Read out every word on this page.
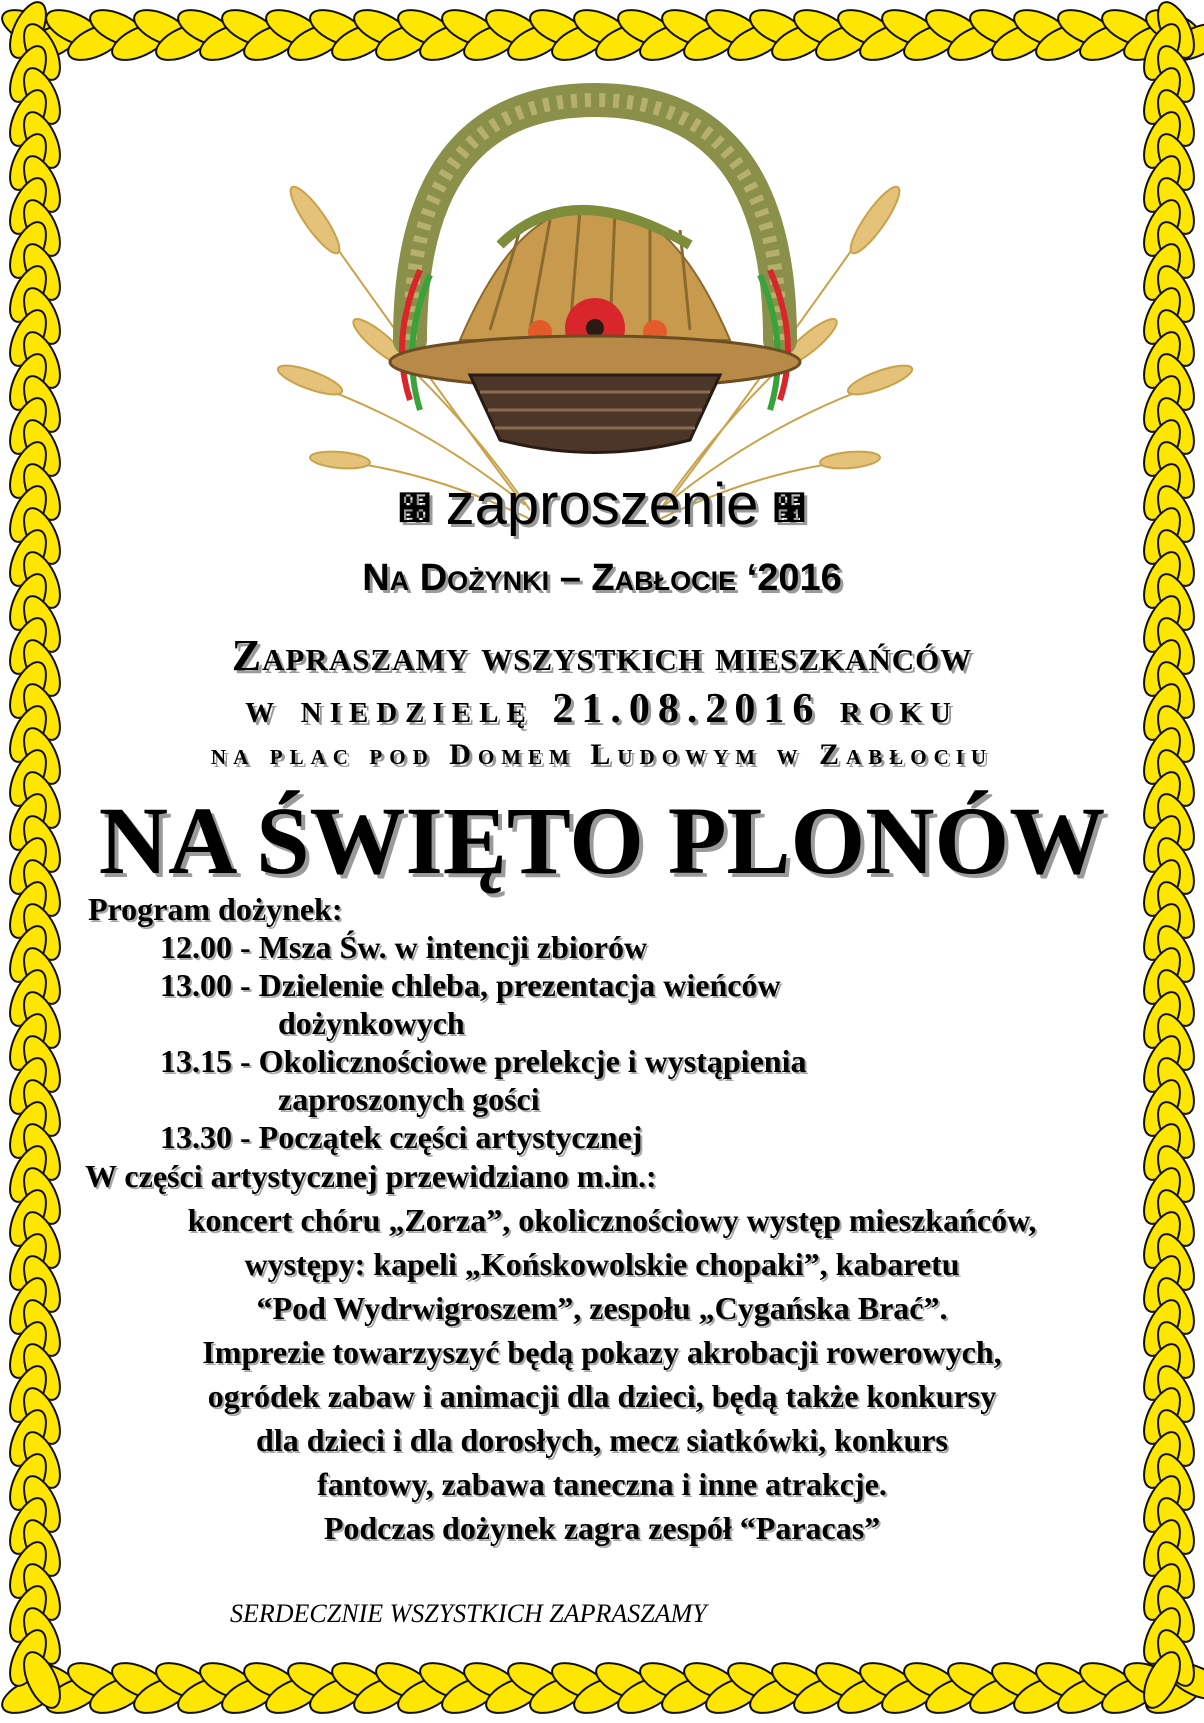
໠ zaproszenie ໡
Na Dożynki – Zabłocie ‘2016
Zapraszamy wszystkich mieszkańców
w niedzielę 21.08.2016 roku
na plac pod Domem Ludowym w Zabłociu
NA ŚWIĘTO PLONÓW
Program dożynek:
12.00 - Msza Św. w intencji zbiorów
13.00 - Dzielenie chleba, prezentacja wieńców
dożynkowych
13.15 - Okolicznościowe prelekcje i wystąpienia
zaproszonych gości
13.30 - Początek części artystycznej
W części artystycznej przewidziano m.in.:
koncert chóru „Zorza”, okolicznościowy występ mieszkańców,
występy: kapeli „Końskowolskie chopaki”, kabaretu
“Pod Wydrwigroszem”, zespołu „Cygańska Brać”.
Imprezie towarzyszyć będą pokazy akrobacji rowerowych,
ogródek zabaw i animacji dla dzieci, będą także konkursy
dla dzieci i dla dorosłych, mecz siatkówki, konkurs
fantowy, zabawa taneczna i inne atrakcje.
Podczas dożynek zagra zespół “Paracas”
SERDECZNIE WSZYSTKICH ZAPRASZAMY
